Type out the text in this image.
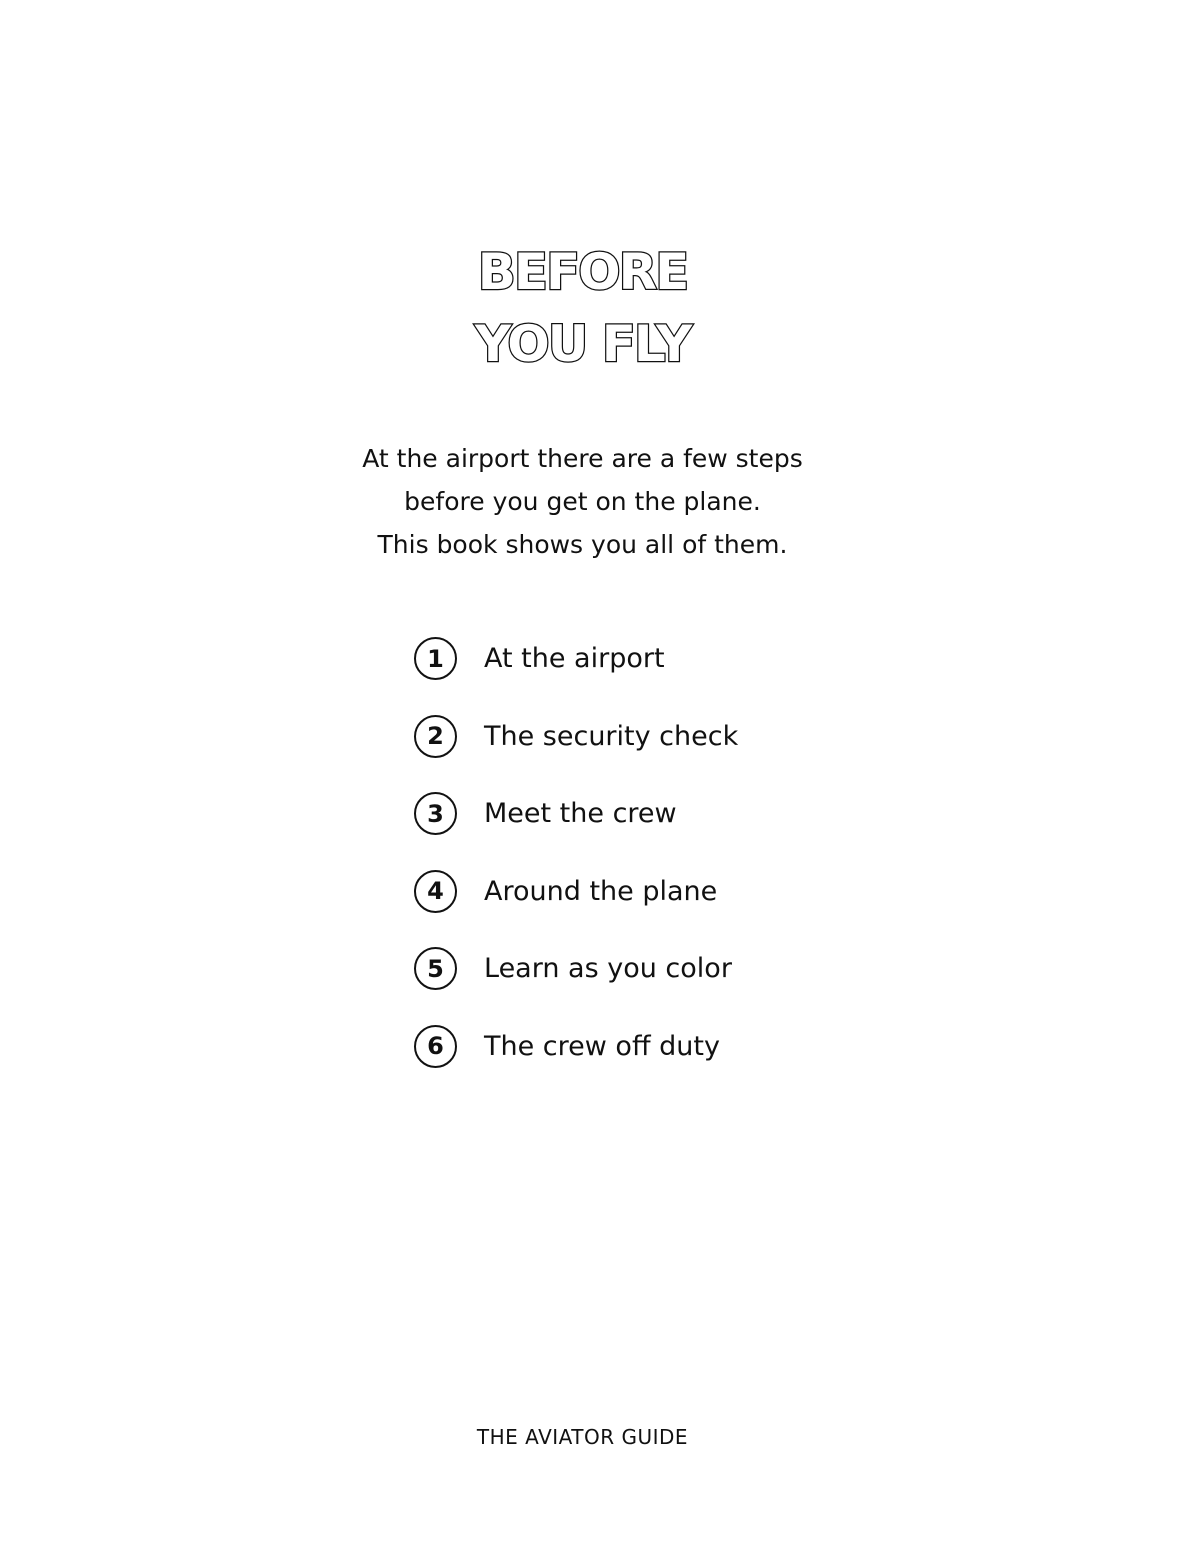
BEFORE
YOU FLY
At the airport there are a few steps
before you get on the plane.
This book shows you all of them.
1	At the airport
2	The security check
3	Meet the crew
4	Around the plane
5	Learn as you color
6	The crew off duty
THE AVIATOR GUIDE
